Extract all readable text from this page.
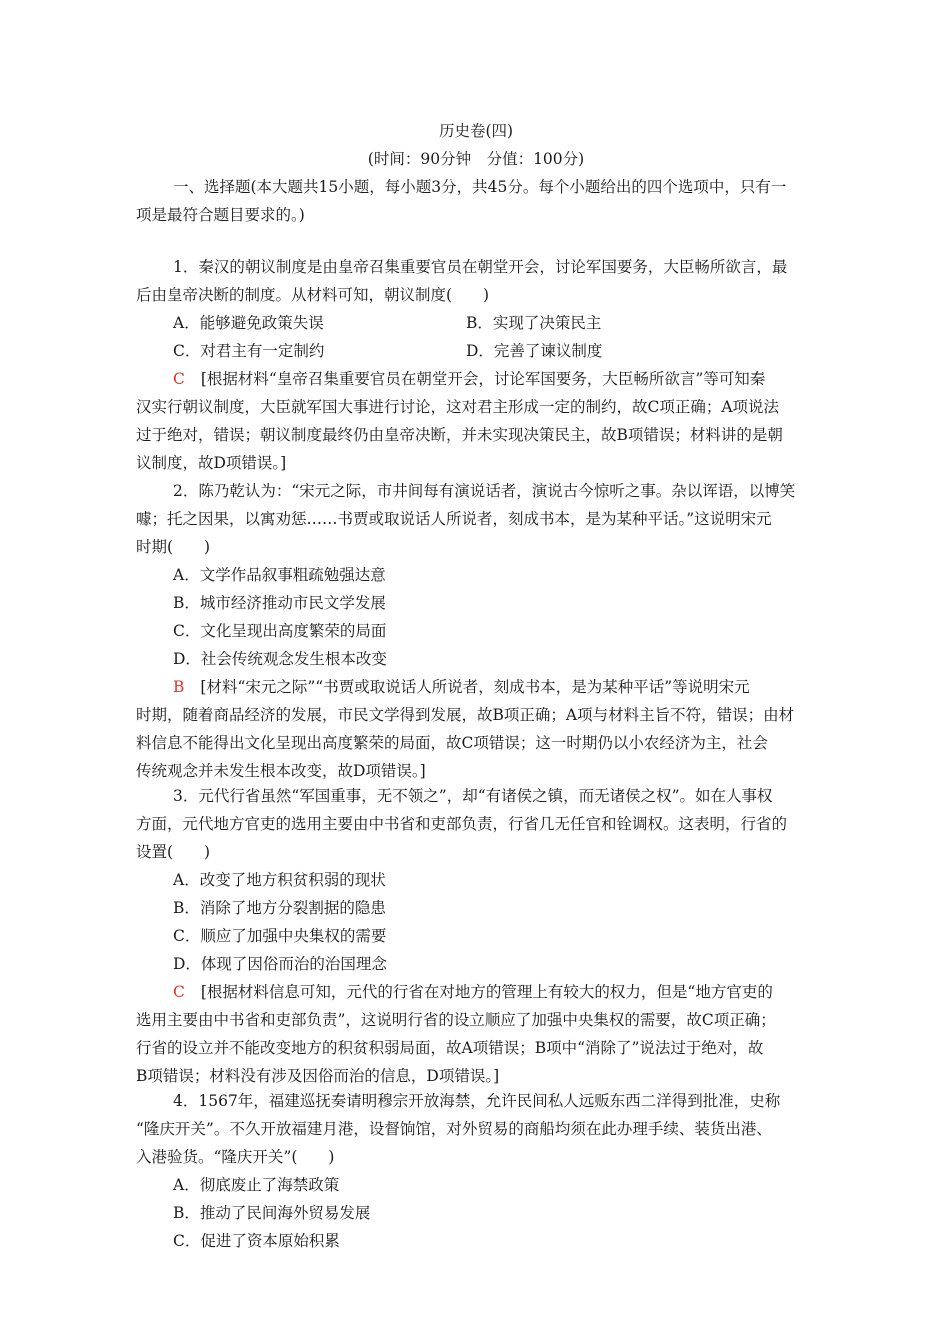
历史卷(四)
(时间：90分钟　分值：100分)
一、选择题(本大题共15小题，每小题3分，共45分。每个小题给出的四个选项中，只有一
项是最符合题目要求的。)
1．秦汉的朝议制度是由皇帝召集重要官员在朝堂开会，讨论军国要务，大臣畅所欲言，最
后由皇帝决断的制度。从材料可知，朝议制度(　　)
A．能够避免政策失误	B．实现了决策民主
C．对君主有一定制约	D．完善了谏议制度
C [根据材料“皇帝召集重要官员在朝堂开会，讨论军国要务，大臣畅所欲言”等可知秦
汉实行朝议制度，大臣就军国大事进行讨论，这对君主形成一定的制约，故C项正确；A项说法
过于绝对，错误；朝议制度最终仍由皇帝决断，并未实现决策民主，故B项错误；材料讲的是朝
议制度，故D项错误。]
2．陈乃乾认为：“宋元之际，市井间每有演说话者，演说古今惊听之事。杂以诨语，以博笑
噱；托之因果，以寓劝惩……书贾或取说话人所说者，刻成书本，是为某种平话。”这说明宋元
时期(　　)
A．文学作品叙事粗疏勉强达意
B．城市经济推动市民文学发展
C．文化呈现出高度繁荣的局面
D．社会传统观念发生根本改变
B [材料“宋元之际”“书贾或取说话人所说者，刻成书本，是为某种平话”等说明宋元
时期，随着商品经济的发展，市民文学得到发展，故B项正确；A项与材料主旨不符，错误；由材
料信息不能得出文化呈现出高度繁荣的局面，故C项错误；这一时期仍以小农经济为主，社会
传统观念并未发生根本改变，故D项错误。]
3．元代行省虽然“军国重事，无不领之”，却“有诸侯之镇，而无诸侯之权”。如在人事权
方面，元代地方官吏的选用主要由中书省和吏部负责，行省几无任官和铨调权。这表明，行省的
设置(　　)
A．改变了地方积贫积弱的现状
B．消除了地方分裂割据的隐患
C．顺应了加强中央集权的需要
D．体现了因俗而治的治国理念
C [根据材料信息可知，元代的行省在对地方的管理上有较大的权力，但是“地方官吏的
选用主要由中书省和吏部负责”，这说明行省的设立顺应了加强中央集权的需要，故C项正确；
行省的设立并不能改变地方的积贫积弱局面，故A项错误；B项中“消除了”说法过于绝对，故
B项错误；材料没有涉及因俗而治的信息，D项错误。]
4．1567年，福建巡抚奏请明穆宗开放海禁，允许民间私人远贩东西二洋得到批准，史称
“隆庆开关”。不久开放福建月港，设督饷馆，对外贸易的商船均须在此办理手续、装货出港、
入港验货。“隆庆开关”(　　)
A．彻底废止了海禁政策
B．推动了民间海外贸易发展
C．促进了资本原始积累
